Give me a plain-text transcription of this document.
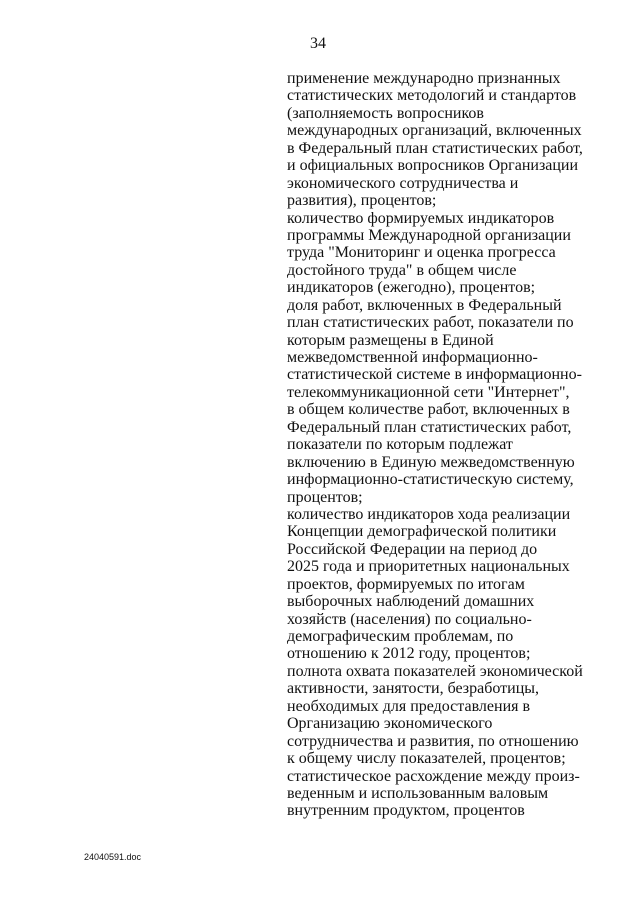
34
применение международно признанных
статистических методологий и стандартов
(заполняемость вопросников
международных организаций, включенных
в Федеральный план статистических работ,
и официальных вопросников Организации
экономического сотрудничества и
развития), процентов;
количество формируемых индикаторов
программы Международной организации
труда "Мониторинг и оценка прогресса
достойного труда" в общем числе
индикаторов (ежегодно), процентов;
доля работ, включенных в Федеральный
план статистических работ, показатели по
которым размещены в Единой
межведомственной информационно-
статистической системе в информационно-
телекоммуникационной сети "Интернет",
в общем количестве работ, включенных в
Федеральный план статистических работ,
показатели по которым подлежат
включению в Единую межведомственную
информационно-статистическую систему,
процентов;
количество индикаторов хода реализации
Концепции демографической политики
Российской Федерации на период до
2025 года и приоритетных национальных
проектов, формируемых по итогам
выборочных наблюдений домашних
хозяйств (населения) по социально-
демографическим проблемам, по
отношению к 2012 году, процентов;
полнота охвата показателей экономической
активности, занятости, безработицы,
необходимых для предоставления в
Организацию экономического
сотрудничества и развития, по отношению
к общему числу показателей, процентов;
статистическое расхождение между произ-
веденным и использованным валовым
внутренним продуктом, процентов
24040591.doc
